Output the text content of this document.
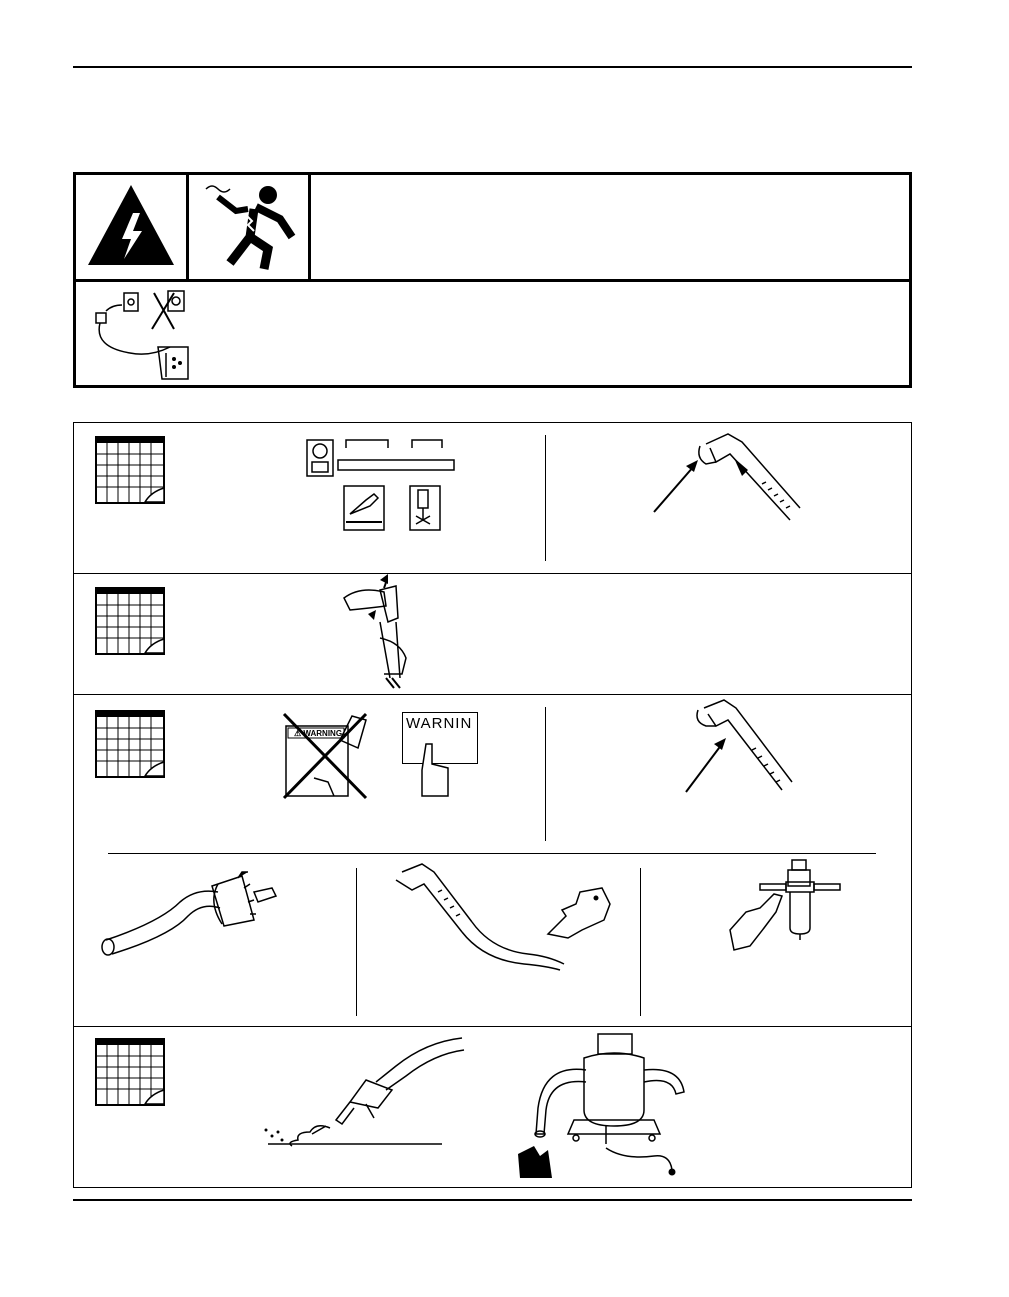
⚠ WARNING
WARNIN
